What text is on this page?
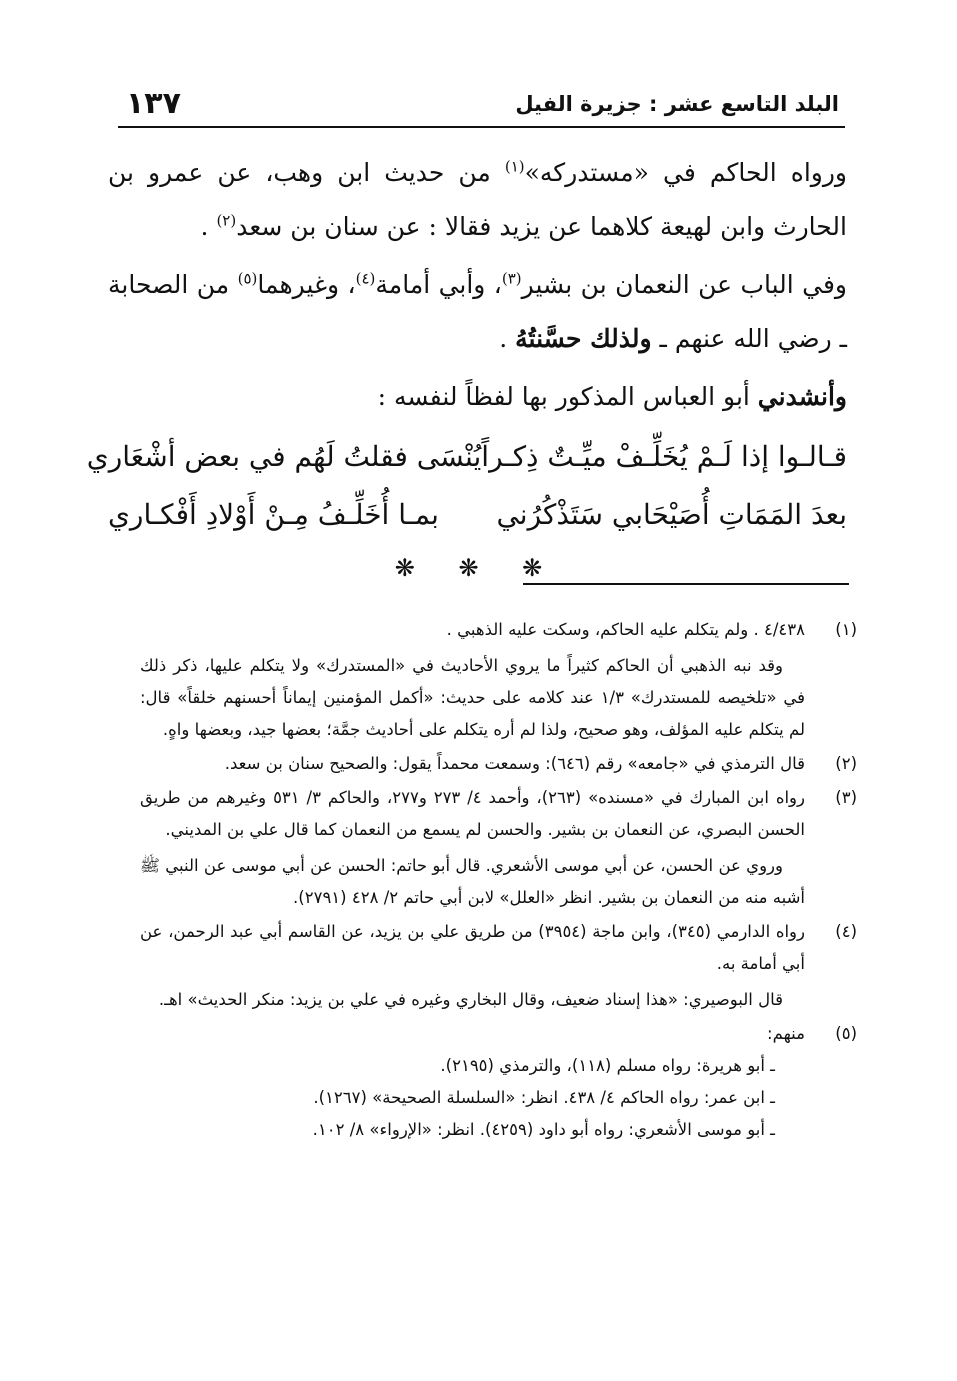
البلد التاسع عشر : جزيرة الفيل
١٣٧

ورواه الحاكم في «مستدركه»$^{(١)}$ من حديث ابن وهب، عن عمرو بن الحارث وابن لهيعة كلاهما عن يزيد فقالا : عن سنان بن سعد$^{(٢)}$ .

وفي الباب عن النعمان بن بشير$^{(٣)}$، وأبي أمامة$^{(٤)}$، وغيرهما$^{(٥)}$ من الصحابة ـ رضي الله عنهم ـ ولذلك حسَّنتُهُ .

وأنشدني أبو العباس المذكور بها لفظاً لنفسه :

قـالـوا إذا لَـمْ يُخَلِّـفْ ميِّـتٌ ذِكـراً
يُنْسَى فقلتُ لَهُم في بعض أشْعَاري
بعدَ المَمَاتِ أُصَيْحَابي سَتَذْكُرُني
بمـا أُخَلِّـفُ مِـنْ أَوْلادِ أَفْكـاري
❋ ❋ ❋
(١)

٤/٤٣٨ . ولم يتكلم عليه الحاكم، وسكت عليه الذهبي .

وقد نبه الذهبي أن الحاكم كثيراً ما يروي الأحاديث في «المستدرك» ولا يتكلم عليها، ذكر ذلك في «تلخيصه للمستدرك» ١/٣ عند كلامه على حديث: «أكمل المؤمنين إيماناً أحسنهم خلقاً» قال: لم يتكلم عليه المؤلف، وهو صحيح، ولذا لم أره يتكلم على أحاديث جمَّة؛ بعضها جيد، وبعضها واهٍ.

(٢)

قال الترمذي في «جامعه» رقم (٦٤٦): وسمعت محمداً يقول: والصحيح سنان بن سعد.

(٣)

رواه ابن المبارك في «مسنده» (٢٦٣)، وأحمد ٤/ ٢٧٣ و٢٧٧، والحاكم ٣/ ٥٣١ وغيرهم من طريق الحسن البصري، عن النعمان بن بشير. والحسن لم يسمع من النعمان كما قال علي بن المديني.

وروي عن الحسن، عن أبي موسى الأشعري. قال أبو حاتم: الحسن عن أبي موسى عن النبي ﷺ أشبه منه من النعمان بن بشير. انظر «العلل» لابن أبي حاتم ٢/ ٤٢٨ (٢٧٩١).

(٤)

رواه الدارمي (٣٤٥)، وابن ماجة (٣٩٥٤) من طريق علي بن يزيد، عن القاسم أبي عبد الرحمن، عن أبي أمامة به.

قال البوصيري: «هذا إسناد ضعيف، وقال البخاري وغيره في علي بن يزيد: منكر الحديث» اهـ.

(٥)

منهم:

ـ أبو هريرة: رواه مسلم (١١٨)، والترمذي (٢١٩٥).

ـ ابن عمر: رواه الحاكم ٤/ ٤٣٨. انظر: «السلسلة الصحيحة» (١٢٦٧).

ـ أبو موسى الأشعري: رواه أبو داود (٤٢٥٩). انظر: «الإرواء» ٨/ ١٠٢.
